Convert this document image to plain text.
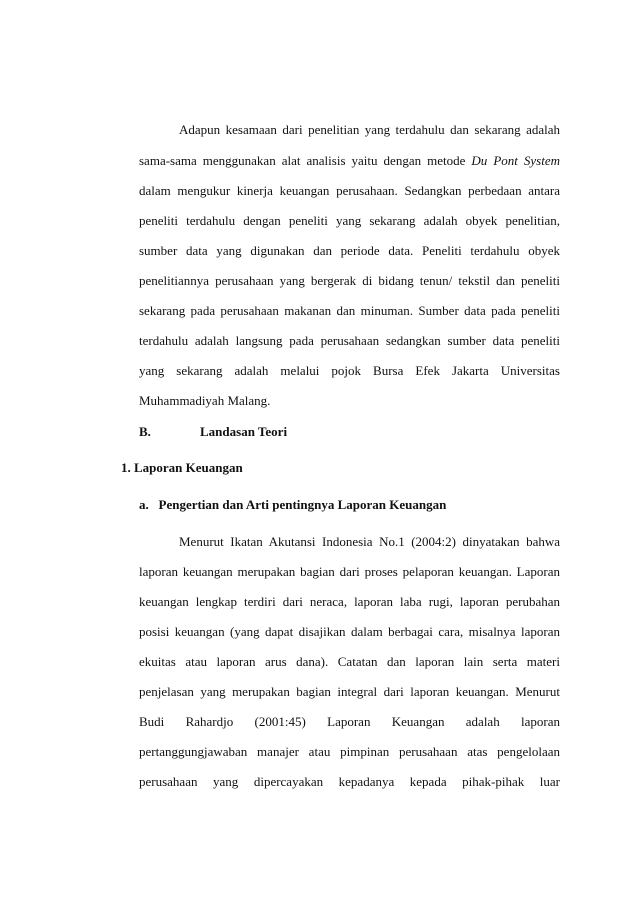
Adapun kesamaan dari penelitian yang terdahulu dan sekarang adalah
sama-sama menggunakan alat analisis yaitu dengan metode Du Pont System
dalam mengukur kinerja keuangan perusahaan. Sedangkan perbedaan antara
peneliti terdahulu dengan peneliti yang sekarang adalah obyek penelitian,
sumber data yang digunakan dan periode data. Peneliti terdahulu obyek
penelitiannya perusahaan yang bergerak di bidang tenun/ tekstil dan peneliti
sekarang pada perusahaan makanan dan minuman. Sumber data pada peneliti
terdahulu adalah langsung pada perusahaan sedangkan sumber data peneliti
yang sekarang adalah melalui pojok Bursa Efek Jakarta Universitas
Muhammadiyah Malang.
B.	Landasan Teori
1. Laporan Keuangan
a.   Pengertian dan Arti pentingnya Laporan Keuangan
Menurut Ikatan Akutansi Indonesia No.1 (2004:2) dinyatakan bahwa
laporan keuangan merupakan bagian dari proses pelaporan keuangan. Laporan
keuangan lengkap terdiri dari neraca, laporan laba rugi, laporan perubahan
posisi keuangan (yang dapat disajikan dalam berbagai cara, misalnya laporan
ekuitas atau laporan arus dana). Catatan dan laporan lain serta materi
penjelasan yang merupakan bagian integral dari laporan keuangan. Menurut
Budi Rahardjo (2001:45) Laporan Keuangan adalah laporan
pertanggungjawaban manajer atau pimpinan perusahaan atas pengelolaan
perusahaan yang dipercayakan kepadanya kepada pihak-pihak luar
